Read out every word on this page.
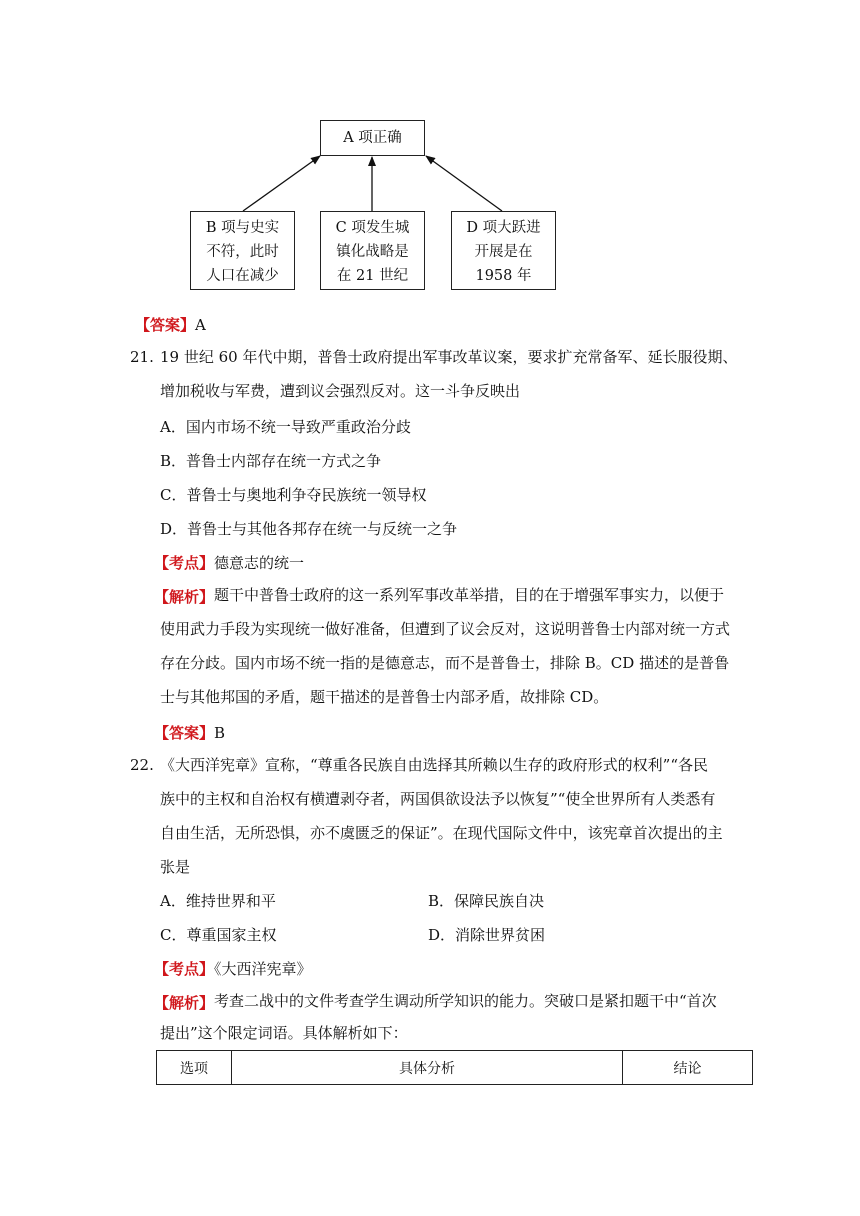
A 项正确
B 项与史实
不符，此时
人口在减少
C 项发生城
镇化战略是
在 21 世纪
D 项大跃进
开展是在
1958 年
【答案】A
21. 19 世纪 60 年代中期，普鲁士政府提出军事改革议案，要求扩充常备军、延长服役期、
增加税收与军费，遭到议会强烈反对。这一斗争反映出
A．国内市场不统一导致严重政治分歧
B．普鲁士内部存在统一方式之争
C．普鲁士与奥地利争夺民族统一领导权
D．普鲁士与其他各邦存在统一与反统一之争
【考点】德意志的统一
【解析】 题干中普鲁士政府的这一系列军事改革举措，目的在于增强军事实力，以便于
使用武力手段为实现统一做好准备，但遭到了议会反对，这说明普鲁士内部对统一方式
存在分歧。国内市场不统一指的是德意志，而不是普鲁士，排除 B。CD 描述的是普鲁
士与其他邦国的矛盾，题干描述的是普鲁士内部矛盾，故排除 CD。
【答案】B
22. 《大西洋宪章》宣称，“尊重各民族自由选择其所赖以生存的政府形式的权利”“各民
族中的主权和自治权有横遭剥夺者，两国俱欲设法予以恢复”“使全世界所有人类悉有
自由生活，无所恐惧，亦不虞匮乏的保证”。在现代国际文件中，该宪章首次提出的主
张是
A．维持世界和平	B．保障民族自决
C．尊重国家主权	D．消除世界贫困
【考点】《大西洋宪章》
【解析】 考查二战中的文件考查学生调动所学知识的能力。突破口是紧扣题干中“首次
提出”这个限定词语。具体解析如下：
选项	具体分析	结论
